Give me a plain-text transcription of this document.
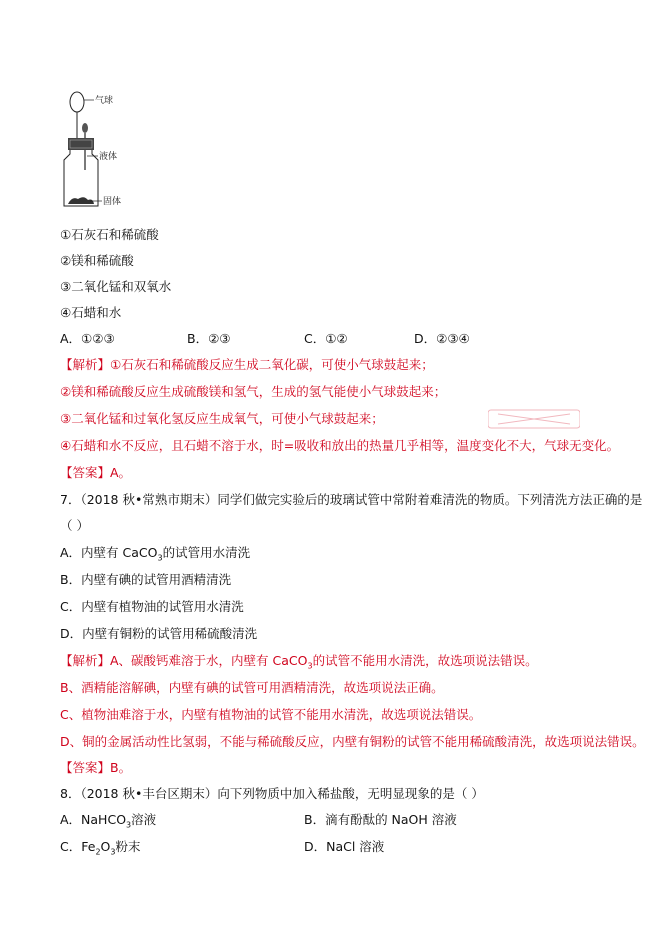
气球
液体
固体
①石灰石和稀硫酸
②镁和稀硫酸
③二氧化锰和双氧水
④石蜡和水
A．①②③	B．②③	C．①②	D．②③④
【解析】①石灰石和稀硫酸反应生成二氧化碳，可使小气球鼓起来；
②镁和稀硫酸反应生成硫酸镁和氢气，生成的氢气能使小气球鼓起来；
③二氧化锰和过氧化氢反应生成氧气，可使小气球鼓起来；
④石蜡和水不反应，且石蜡不溶于水，时=吸收和放出的热量几乎相等，温度变化不大，气球无变化。
【答案】A。
7．（2018 秋•常熟市期末）同学们做完实验后的玻璃试管中常附着难清洗的物质。下列清洗方法正确的是
（ ）
A．内壁有 CaCO$_3$的试管用水清洗
B．内壁有碘的试管用酒精清洗
C．内壁有植物油的试管用水清洗
D．内壁有铜粉的试管用稀硫酸清洗
【解析】A、碳酸钙难溶于水，内壁有 CaCO$_3$的试管不能用水清洗，故选项说法错误。
B、酒精能溶解碘，内壁有碘的试管可用酒精清洗，故选项说法正确。
C、植物油难溶于水，内壁有植物油的试管不能用水清洗，故选项说法错误。
D、铜的金属活动性比氢弱，不能与稀硫酸反应，内壁有铜粉的试管不能用稀硫酸清洗，故选项说法错误。
【答案】B。
8．（2018 秋•丰台区期末）向下列物质中加入稀盐酸，无明显现象的是（ ）
A．NaHCO$_3$溶液	B．滴有酚酞的 NaOH 溶液
C．$Fe_2O_3$粉末	D．NaCl 溶液
